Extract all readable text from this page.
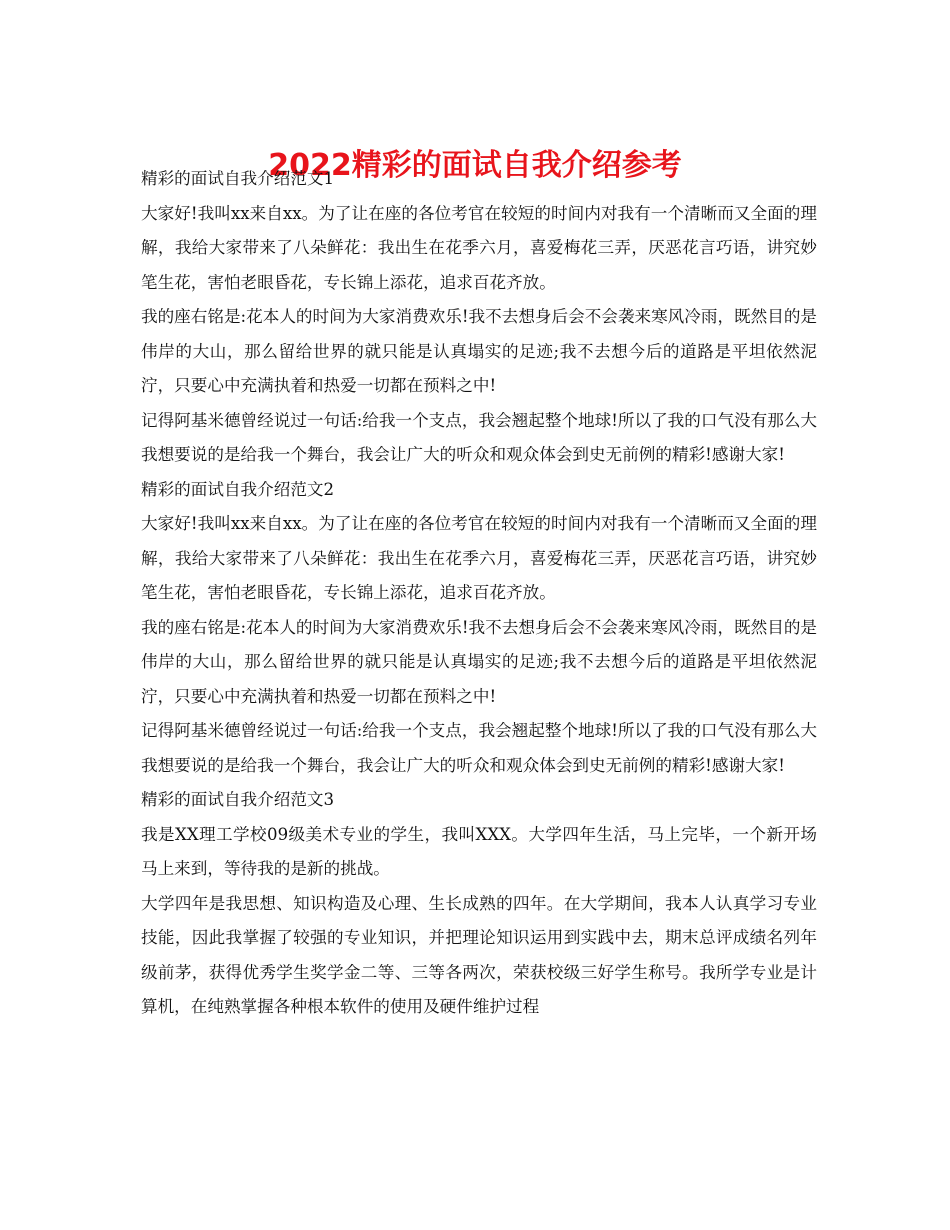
2022精彩的面试自我介绍参考

精彩的面试自我介绍范文1

大家好!我叫xx来自xx。为了让在座的各位考官在较短的时间内对我有一个清晰而又全面的理解，我给大家带来了八朵鲜花：我出生在花季六月，喜爱梅花三弄，厌恶花言巧语，讲究妙笔生花，害怕老眼昏花，专长锦上添花，追求百花齐放。

我的座右铭是:花本人的时间为大家消费欢乐!我不去想身后会不会袭来寒风冷雨，既然目的是伟岸的大山，那么留给世界的就只能是认真塌实的足迹;我不去想今后的道路是平坦依然泥泞，只要心中充满执着和热爱一切都在预料之中!

记得阿基米德曾经说过一句话:给我一个支点，我会翘起整个地球!所以了我的口气没有那么大我想要说的是给我一个舞台，我会让广大的听众和观众体会到史无前例的精彩!感谢大家!

精彩的面试自我介绍范文2

大家好!我叫xx来自xx。为了让在座的各位考官在较短的时间内对我有一个清晰而又全面的理解，我给大家带来了八朵鲜花：我出生在花季六月，喜爱梅花三弄，厌恶花言巧语，讲究妙笔生花，害怕老眼昏花，专长锦上添花，追求百花齐放。

我的座右铭是:花本人的时间为大家消费欢乐!我不去想身后会不会袭来寒风冷雨，既然目的是伟岸的大山，那么留给世界的就只能是认真塌实的足迹;我不去想今后的道路是平坦依然泥泞，只要心中充满执着和热爱一切都在预料之中!

记得阿基米德曾经说过一句话:给我一个支点，我会翘起整个地球!所以了我的口气没有那么大我想要说的是给我一个舞台，我会让广大的听众和观众体会到史无前例的精彩!感谢大家!

精彩的面试自我介绍范文3

我是XX理工学校09级美术专业的学生，我叫XXX。大学四年生活，马上完毕，一个新开场马上来到，等待我的是新的挑战。

大学四年是我思想、知识构造及心理、生长成熟的四年。在大学期间，我本人认真学习专业技能，因此我掌握了较强的专业知识，并把理论知识运用到实践中去，期末总评成绩名列年级前茅，获得优秀学生奖学金二等、三等各两次，荣获校级三好学生称号。我所学专业是计算机，在纯熟掌握各种根本软件的使用及硬件维护过程
